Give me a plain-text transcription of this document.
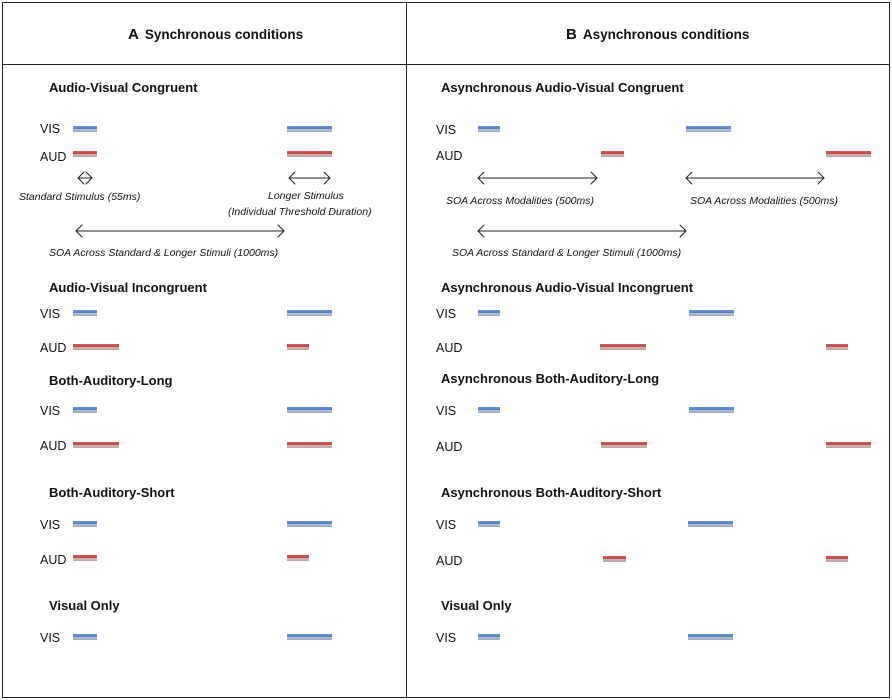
A Synchronous conditions	B Asynchronous conditions
Audio-Visual Congruent
VIS
AUD
Standard Stimulus (55ms)	Longer Stimulus
(Individual Threshold Duration)
SOA Across Standard & Longer Stimuli (1000ms)
Audio-Visual Incongruent
VIS
AUD
Both-Auditory-Long
VIS
AUD
Both-Auditory-Short
VIS
AUD
Visual Only
VIS
Asynchronous Audio-Visual Congruent
VIS
AUD
SOA Across Modalities (500ms)	SOA Across Modalities (500ms)
SOA Across Standard & Longer Stimuli (1000ms)
Asynchronous Audio-Visual Incongruent
VIS
AUD
Asynchronous Both-Auditory-Long
VIS
AUD
Asynchronous Both-Auditory-Short
VIS
AUD
Visual Only
VIS
